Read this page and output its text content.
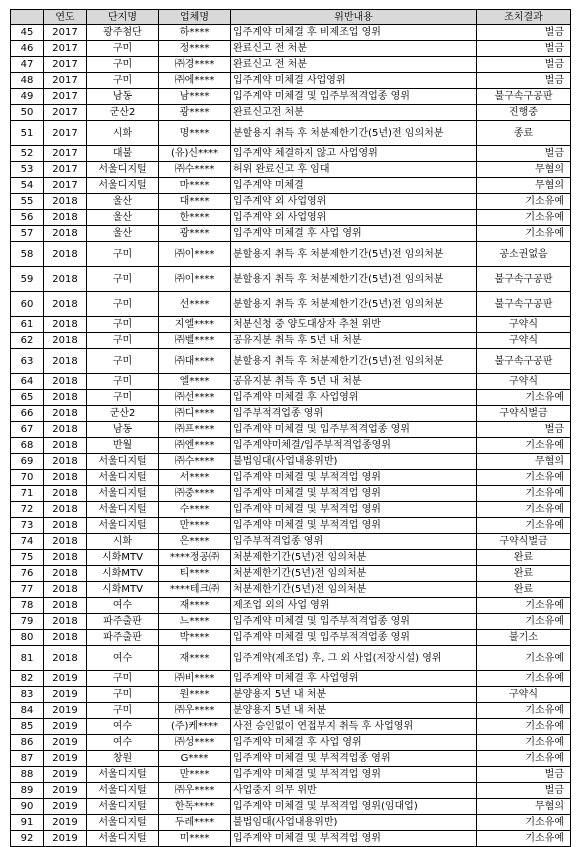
	연도	단지명	업체명	위반내용	조치결과
45	2017	광주첨단	하****	입주계약 미체결 후 비제조업 영위	벌금
46	2017	구미	정****	완료신고 전 처분	벌금
47	2017	구미	㈜경****	완료신고 전 처분	벌금
48	2017	구미	㈜에****	입주계약 미체결 사업영위	벌금
49	2017	남동	남****	입주계약 미체결 및 입주부적격업종 영위	불구속구공판
50	2017	군산2	광****	완료신고전 처분	진행중
51	2017	시화	명****	분할용지 취득 후 처분제한기간(5년)전 임의처분	종료
52	2017	대불	(유)신****	입주계약 체결하지 않고 사업영위	벌금
53	2017	서울디지털	㈜수****	허위 완료신고 후 임대	무혐의
54	2017	서울디지털	마****	입주계약 미체결	무혐의
55	2018	울산	대****	입주계약 외 사업영위	기소유예
56	2018	울산	한****	입주계약 외 사업영위	기소유예
57	2018	울산	광****	입주계약 미체결 후 사업 영위	기소유예
58	2018	구미	㈜이****	분할용지 취득 후 처분제한기간(5년)전 임의처분	공소권없음
59	2018	구미	㈜이****	분할용지 취득 후 처분제한기간(5년)전 임의처분	불구속구공판
60	2018	구미	선****	분할용지 취득 후 처분제한기간(5년)전 임의처분	불구속구공판
61	2018	구미	지엘****	처분신청 중 양도대상자 추천 위반	구약식
62	2018	구미	㈜벨****	공유지분 취득 후 5년 내 처분	구약식
63	2018	구미	㈜대****	분할용지 취득 후 처분제한기간(5년)전 임의처분	불구속구공판
64	2018	구미	엘****	공유지분 취득 후 5년 내 처분	구약식
65	2018	구미	㈜선****	입주계약 미체결 후 사업영위	기소유예
66	2018	군산2	㈜디****	입주부적격업종 영위	구약식벌금
67	2018	남동	㈜프****	입주계약 미체결 및 입주부적격업종 영위	벌금
68	2018	반월	㈜엔****	입주계약미체결/입주부적격업종영위	기소유예
69	2018	서울디지털	㈜수****	불법임대(사업내용위반)	무혐의
70	2018	서울디지털	서****	입주계약 미체결 및 부적격업 영위	기소유예
71	2018	서울디지털	㈜중****	입주계약 미체결 및 부적격업 영위	기소유예
72	2018	서울디지털	수****	입주계약 미체결 및 부적격업 영위	기소유예
73	2018	서울디지털	만****	입주계약 미체결 및 부적격업 영위	기소유예
74	2018	시화	은****	입주부적격업종 영위	구약식벌금
75	2018	시화MTV	****정공㈜	처분제한기간(5년)전 임의처분	완료
76	2018	시화MTV	티****	처분제한기간(5년)전 임의처분	완료
77	2018	시화MTV	****테크㈜	처분제한기간(5년)전 임의처분	완료
78	2018	여수	재****	제조업 외의 사업 영위	기소유예
79	2018	파주출판	느****	입주계약 미체결 및 입주부적격업종 영위	기소유예
80	2018	파주출판	박****	입주계약 미체결 및 입주부적격업종 영위	불기소
81	2018	여수	재****	입주계약(제조업) 후, 그 외 사업(저장시설) 영위	기소유예
82	2019	구미	㈜비****	입주계약 미체결 후 사업영위	기소유예
83	2019	구미	원****	분양용지 5년 내 처분	구약식
84	2019	구미	㈜우****	분양용지 5년 내 처분	기소유예
85	2019	여수	(주)케****	사전 승인없이 연접부지 취득 후 사업영위	기소유예
86	2019	여수	㈜성****	입주계약 미체결 후 사업 영위	기소유예
87	2019	창원	G****	입주계약 미체결 및 부적격업종 영위	기소유예
88	2019	서울디지털	만****	입주계약 미체결 및 부적격업 영위	벌금
89	2019	서울디지털	㈜우****	사업중지 의무 위반	벌금
90	2019	서울디지털	한독****	입주계약 미체결 및 부적격업 영위(임대업)	무혐의
91	2019	서울디지털	두레****	불법임대(사업내용위반)	기소유예
92	2019	서울디지털	미****	입주계약 미체결 및 부적격업 영위	기소유예
